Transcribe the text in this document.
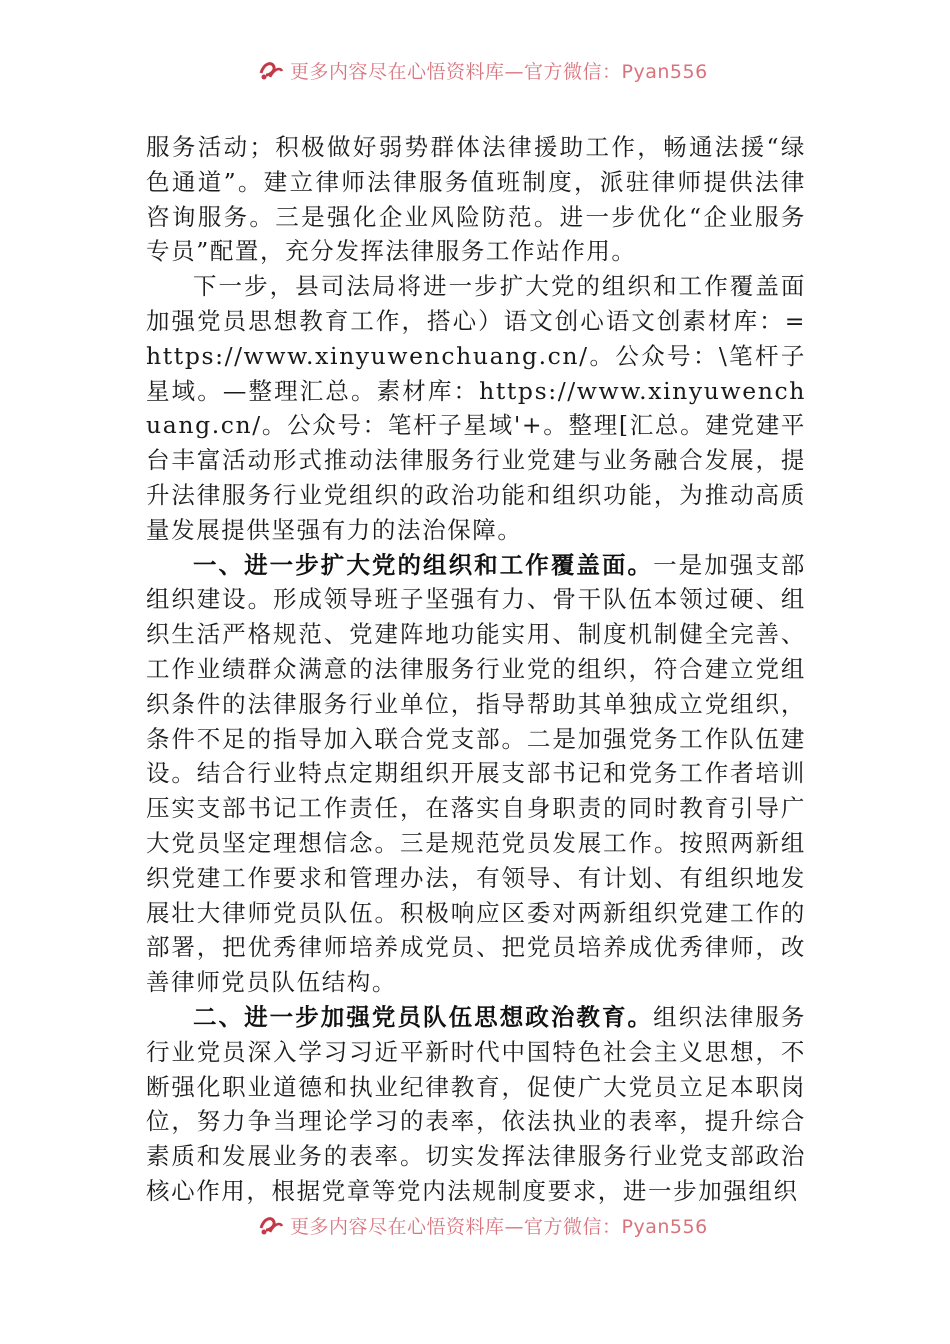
更多内容尽在心悟资料库—官方微信：Pyan556

服务活动；积极做好弱势群体法律援助工作，畅通法援“绿色通道”。建立律师法律服务值班制度，派驻律师提供法律咨询服务。三是强化企业风险防范。进一步优化“企业服务专员”配置，充分发挥法律服务工作站作用。

下一步，县司法局将进一步扩大党的组织和工作覆盖面加强党员思想教育工作，搭心）语文创心语文创素材库：=https://www.xinyuwenchuang.cn/。公众号：\笔杆子星域。—整理汇总。素材库：https://www.xinyuwenchuang.cn/。公众号：笔杆子星域'+。整理[汇总。建党建平台丰富活动形式推动法律服务行业党建与业务融合发展，提升法律服务行业党组织的政治功能和组织功能，为推动高质量发展提供坚强有力的法治保障。

一、进一步扩大党的组织和工作覆盖面。一是加强支部组织建设。形成领导班子坚强有力、骨干队伍本领过硬、组织生活严格规范、党建阵地功能实用、制度机制健全完善、工作业绩群众满意的法律服务行业党的组织，符合建立党组织条件的法律服务行业单位，指导帮助其单独成立党组织，条件不足的指导加入联合党支部。二是加强党务工作队伍建设。结合行业特点定期组织开展支部书记和党务工作者培训压实支部书记工作责任，在落实自身职责的同时教育引导广大党员坚定理想信念。三是规范党员发展工作。按照两新组织党建工作要求和管理办法，有领导、有计划、有组织地发展壮大律师党员队伍。积极响应区委对两新组织党建工作的部署，把优秀律师培养成党员、把党员培养成优秀律师，改善律师党员队伍结构。

二、进一步加强党员队伍思想政治教育。组织法律服务行业党员深入学习习近平新时代中国特色社会主义思想，不断强化职业道德和执业纪律教育，促使广大党员立足本职岗位，努力争当理论学习的表率，依法执业的表率，提升综合素质和发展业务的表率。切实发挥法律服务行业党支部政治核心作用，根据党章等党内法规制度要求，进一步加强组织

更多内容尽在心悟资料库—官方微信：Pyan556
